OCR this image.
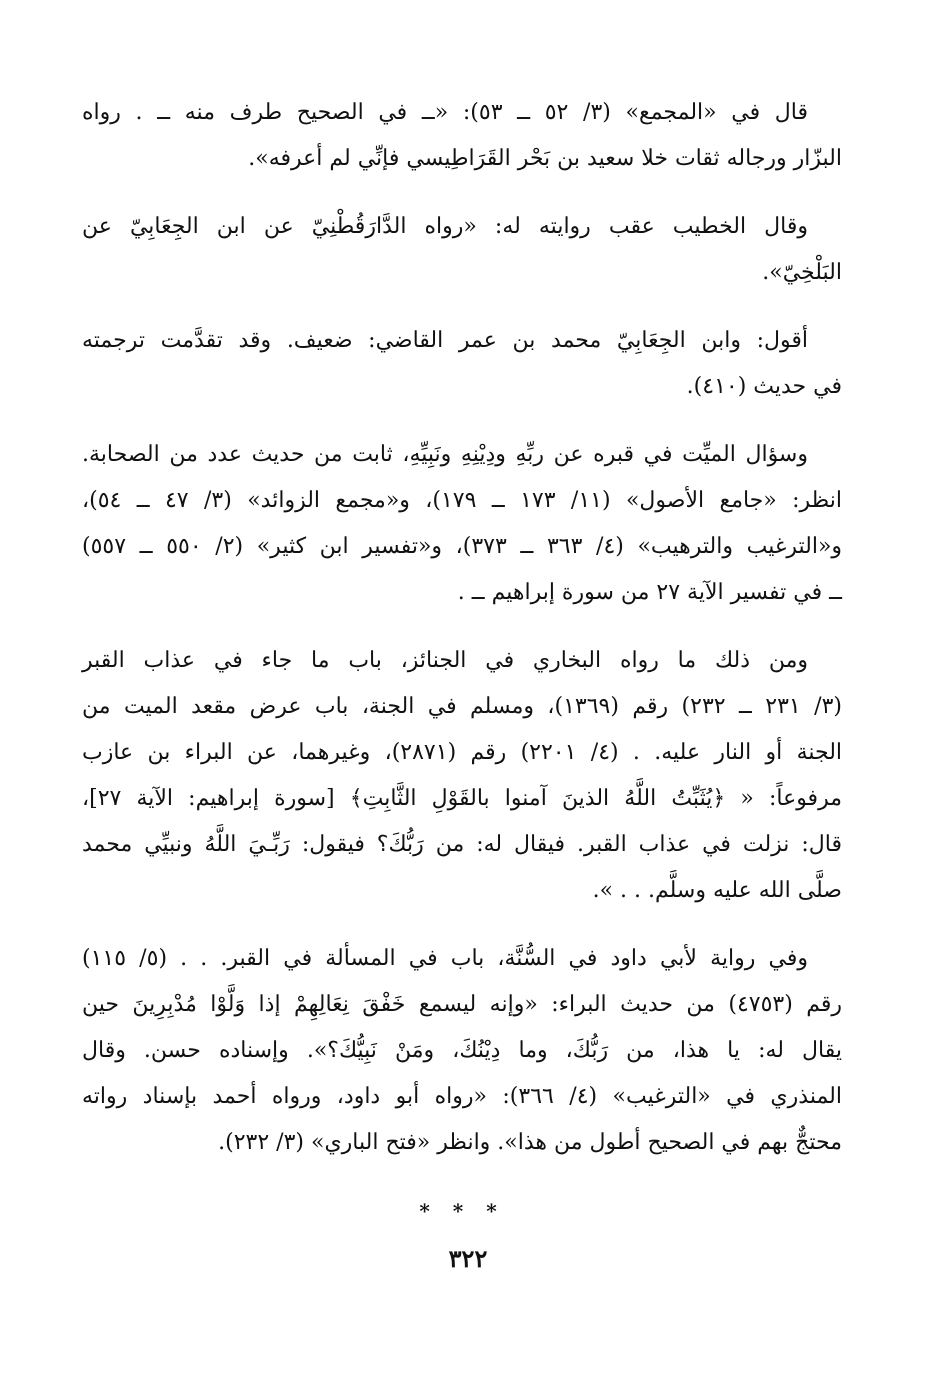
قال في «المجمع» (٣/ ٥٢ ــ ٥٣): «ــ في الصحيح طرف منه ــ . رواه
البزّار ورجاله ثقات خلا سعيد بن بَحْر القَرَاطِيسي فإنِّي لم أعرفه».
وقال الخطيب عقب روايته له: «رواه الدَّارَقُطْنِيّ عن ابن الجِعَابِيّ عن
البَلْخِيّ».
أقول: وابن الجِعَابِيّ محمد بن عمر القاضي: ضعيف. وقد تقدَّمت ترجمته
في حديث (٤١٠).
وسؤال الميِّت في قبره عن ربِّهِ ودِيْنِهِ ونَبِيِّهِ، ثابت من حديث عدد من الصحابة.
انظر: «جامع الأصول» (١١/ ١٧٣ ــ ١٧٩)، و«مجمع الزوائد» (٣/ ٤٧ ــ ٥٤)،
و«الترغيب والترهيب» (٤/ ٣٦٣ ــ ٣٧٣)، و«تفسير ابن كثير» (٢/ ٥٥٠ ــ ٥٥٧)
ــ في تفسير الآية ٢٧ من سورة إبراهيم ــ .
ومن ذلك ما رواه البخاري في الجنائز، باب ما جاء في عذاب القبر
(٣/ ٢٣١ ــ ٢٣٢) رقم (١٣٦٩)، ومسلم في الجنة، باب عرض مقعد الميت من
الجنة أو النار عليه. . (٤/ ٢٢٠١) رقم (٢٨٧١)، وغيرهما، عن البراء بن عازب
مرفوعاً: « ﴿يُثَبِّتُ اللَّهُ الذينَ آمنوا بالقَوْلِ الثَّابِتِ﴾ [سورة إبراهيم: الآية ٢٧]،
قال: نزلت في عذاب القبر. فيقال له: من رَبُّكَ؟ فيقول: رَبِّـيَ اللَّهُ ونبيِّي محمد
صلَّى الله عليه وسلَّم. . . ».
وفي رواية لأبي داود في السُّنَّة، باب في المسألة في القبر. . . (٥/ ١١٥)
رقم (٤٧٥٣) من حديث البراء: «وإنه ليسمع خَفْقَ نِعَالِهِمْ إذا وَلَّوْا مُدْبِرِينَ حين
يقال له: يا هذا، من رَبُّكَ، وما دِيْنُكَ، ومَنْ نَبِيُّكَ؟». وإسناده حسن. وقال
المنذري في «الترغيب» (٤/ ٣٦٦): «رواه أبو داود، ورواه أحمد بإسناد رواته
محتجٌّ بهم في الصحيح أطول من هذا». وانظر «فتح الباري» (٣/ ٢٣٢).
* * *
٣٢٢
